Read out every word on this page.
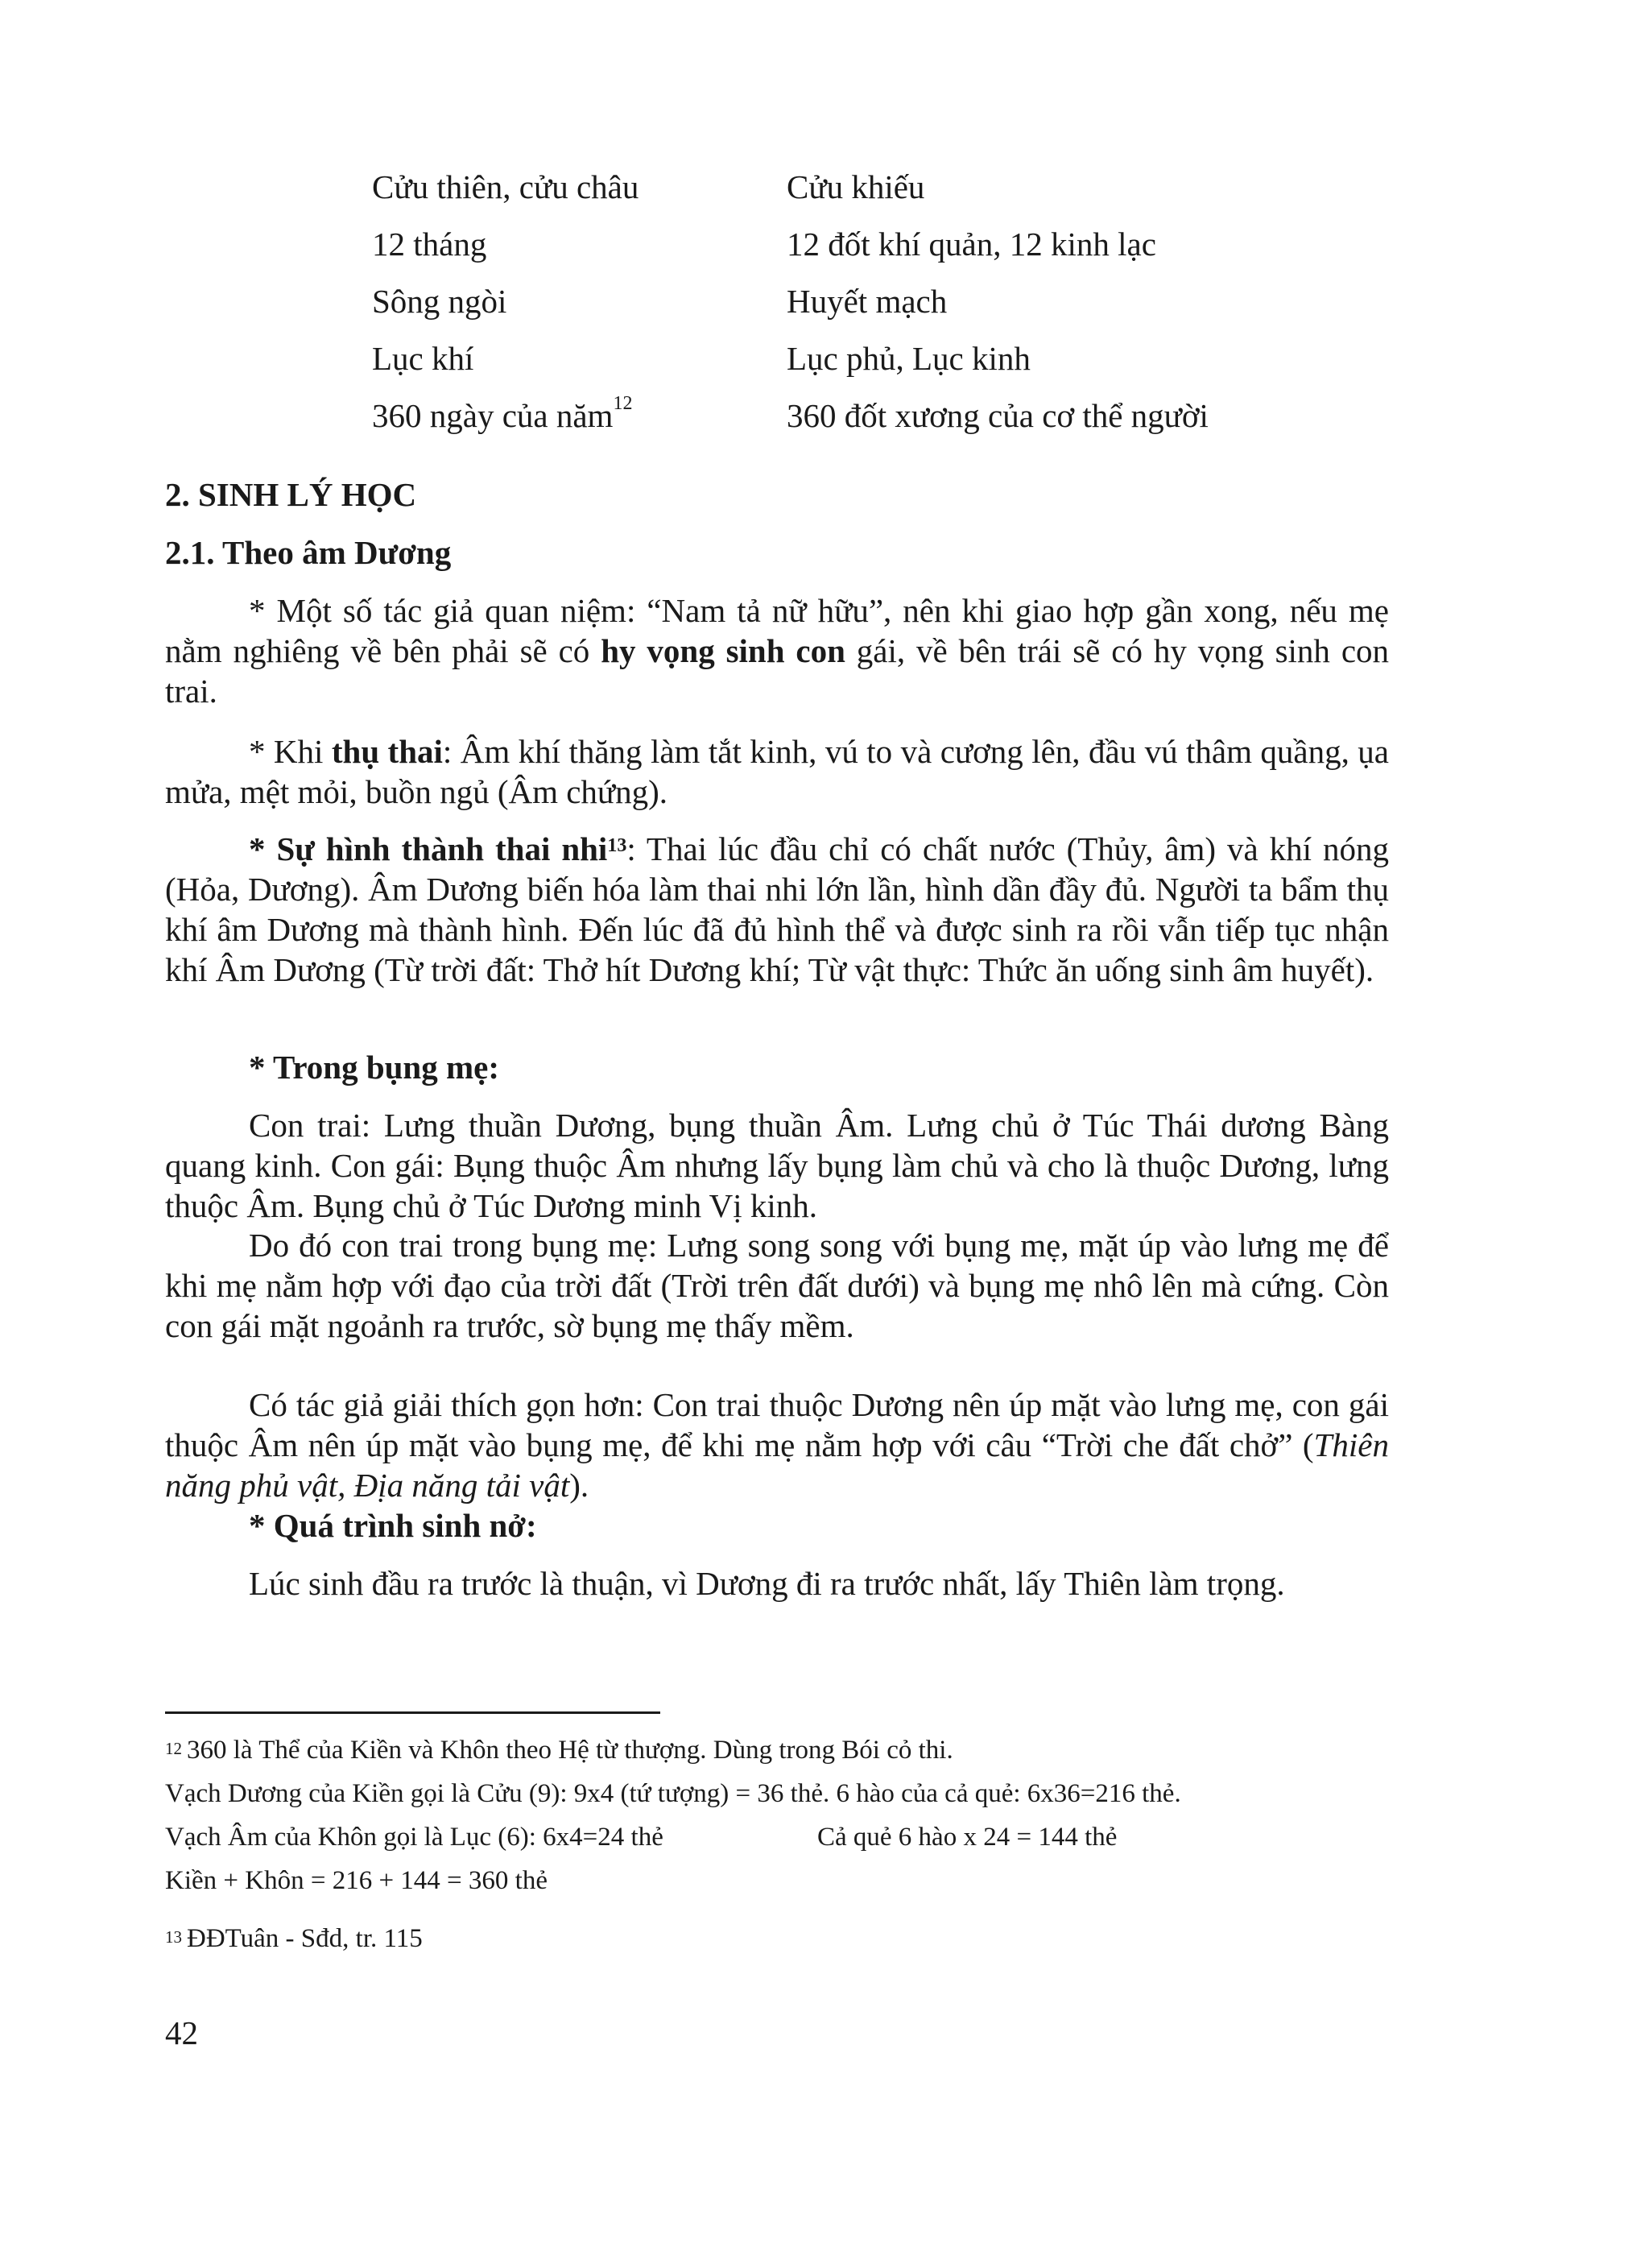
Cửu thiên, cửu châu	Cửu khiếu
12 tháng	12 đốt khí quản, 12 kinh lạc
Sông ngòi	Huyết mạch
Lục khí	Lục phủ, Lục kinh
360 ngày của năm$^{12}$	360 đốt xương của cơ thể người
2. SINH LÝ HỌC
2.1. Theo âm Dương

* Một số tác giả quan niệm: “Nam tả nữ hữu”, nên khi giao hợp gần xong, nếu mẹ nằm nghiêng về bên phải sẽ có hy vọng sinh con gái, về bên trái sẽ có hy vọng sinh con trai.

* Khi thụ thai: Âm khí thăng làm tắt kinh, vú to và cương lên, đầu vú thâm quầng, ụa mửa, mệt mỏi, buồn ngủ (Âm chứng).

* Sự hình thành thai nhi$^{13}$: Thai lúc đầu chỉ có chất nước (Thủy, âm) và khí nóng (Hỏa, Dương). Âm Dương biến hóa làm thai nhi lớn lần, hình dần đầy đủ. Người ta bẩm thụ khí âm Dương mà thành hình. Đến lúc đã đủ hình thể và được sinh ra rồi vẫn tiếp tục nhận khí Âm Dương (Từ trời đất: Thở hít Dương khí; Từ vật thực: Thức ăn uống sinh âm huyết).

* Trong bụng mẹ:

Con trai: Lưng thuần Dương, bụng thuần Âm. Lưng chủ ở Túc Thái dương Bàng quang kinh. Con gái: Bụng thuộc Âm nhưng lấy bụng làm chủ và cho là thuộc Dương, lưng thuộc Âm. Bụng chủ ở Túc Dương minh Vị kinh.

Do đó con trai trong bụng mẹ: Lưng song song với bụng mẹ, mặt úp vào lưng mẹ để khi mẹ nằm hợp với đạo của trời đất (Trời trên đất dưới) và bụng mẹ nhô lên mà cứng. Còn con gái mặt ngoảnh ra trước, sờ bụng mẹ thấy mềm.

Có tác giả giải thích gọn hơn: Con trai thuộc Dương nên úp mặt vào lưng mẹ, con gái thuộc Âm nên úp mặt vào bụng mẹ, để khi mẹ nằm hợp với câu “Trời che đất chở” (Thiên năng phủ vật, Địa năng tải vật).

* Quá trình sinh nở:

Lúc sinh đầu ra trước là thuận, vì Dương đi ra trước nhất, lấy Thiên làm trọng.

$^{12}$ 360 là Thể của Kiền và Khôn theo Hệ từ thượng. Dùng trong Bói cỏ thi.
Vạch Dương của Kiền gọi là Cửu (9): 9x4 (tứ tượng) = 36 thẻ. 6 hào của cả quẻ: 6x36=216 thẻ.
Vạch Âm của Khôn gọi là Lục (6): 6x4=24 thẻ	Cả quẻ 6 hào x 24 = 144 thẻ
Kiền + Khôn = 216 + 144 = 360 thẻ
$^{13}$ ĐĐTuân - Sđd, tr. 115
42
